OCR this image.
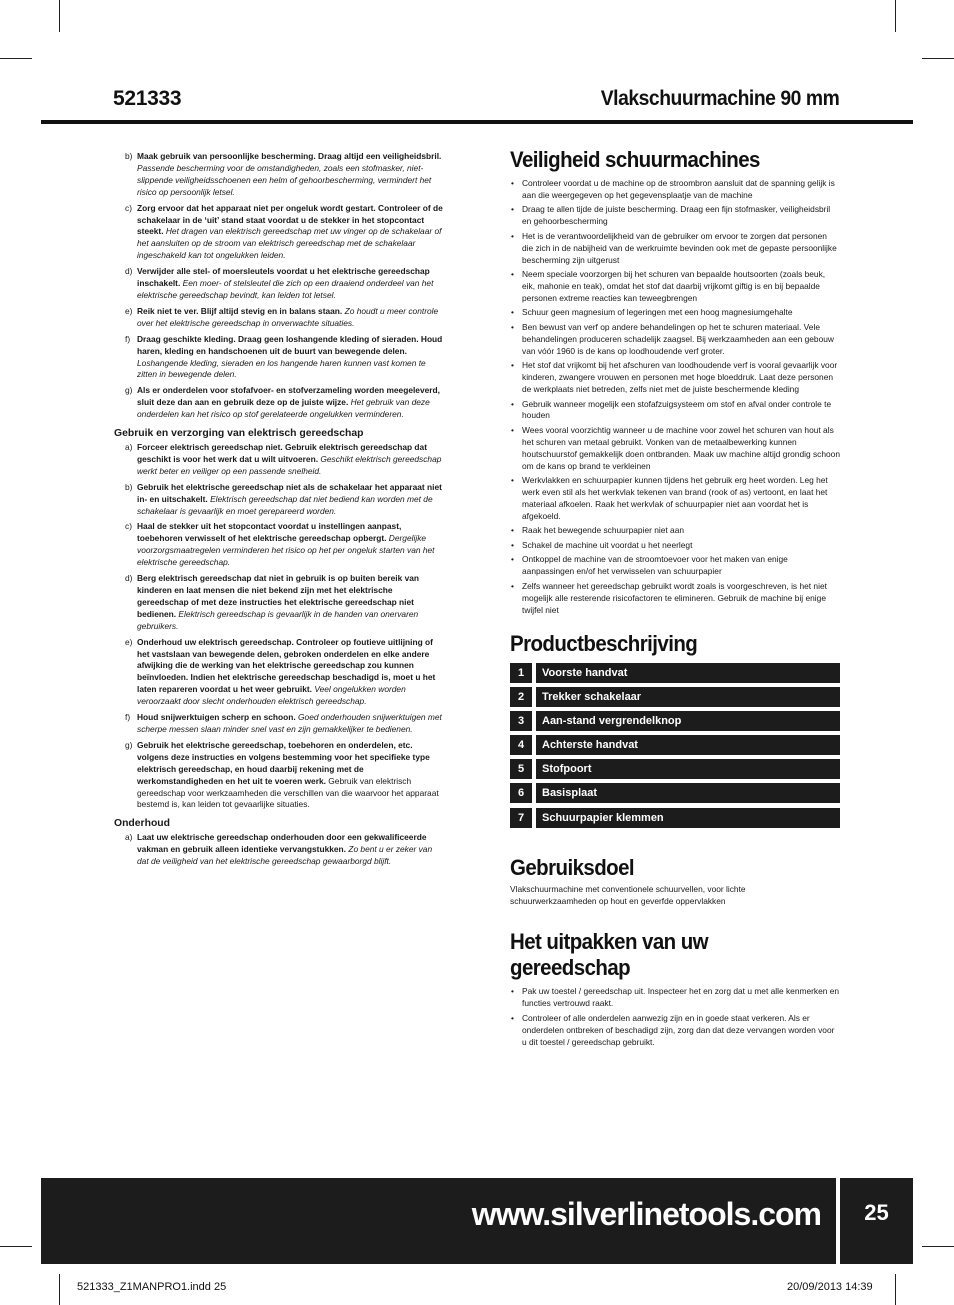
521333	Vlakschuurmachine 90 mm
b) Maak gebruik van persoonlijke bescherming. Draag altijd een veiligheidsbril. Passende bescherming voor de omstandigheden, zoals een stofmasker, niet-slippende veiligheidsschoenen een helm of gehoorbescherming, vermindert het risico op persoonlijk letsel.
c) Zorg ervoor dat het apparaat niet per ongeluk wordt gestart. Controleer of de schakelaar in de ‘uit’ stand staat voordat u de stekker in het stopcontact steekt. Het dragen van elektrisch gereedschap met uw vinger op de schakelaar of het aansluiten op de stroom van elektrisch gereedschap met de schakelaar ingeschakeld kan tot ongelukken leiden.
d) Verwijder alle stel- of moersleutels voordat u het elektrische gereedschap inschakelt. Een moer- of stelsleutel die zich op een draaiend onderdeel van het elektrische gereedschap bevindt, kan leiden tot letsel.
e) Reik niet te ver. Blijf altijd stevig en in balans staan. Zo houdt u meer controle over het elektrische gereedschap in onverwachte situaties.
f) Draag geschikte kleding. Draag geen loshangende kleding of sieraden. Houd haren, kleding en handschoenen uit de buurt van bewegende delen. Loshangende kleding, sieraden en los hangende haren kunnen vast komen te zitten in bewegende delen.
g) Als er onderdelen voor stofafvoer- en stofverzameling worden meegeleverd, sluit deze dan aan en gebruik deze op de juiste wijze. Het gebruik van deze onderdelen kan het risico op stof gerelateerde ongelukken verminderen.
Gebruik en verzorging van elektrisch gereedschap
a) Forceer elektrisch gereedschap niet. Gebruik elektrisch gereedschap dat geschikt is voor het werk dat u wilt uitvoeren. Geschikt elektrisch gereedschap werkt beter en veiliger op een passende snelheid.
b) Gebruik het elektrische gereedschap niet als de schakelaar het apparaat niet in- en uitschakelt. Elektrisch gereedschap dat niet bediend kan worden met de schakelaar is gevaarlijk en moet gerepareerd worden.
c) Haal de stekker uit het stopcontact voordat u instellingen aanpast, toebehoren verwisselt of het elektrische gereedschap opbergt. Dergelijke voorzorgsmaatregelen verminderen het risico op het per ongeluk starten van het elektrische gereedschap.
d) Berg elektrisch gereedschap dat niet in gebruik is op buiten bereik van kinderen en laat mensen die niet bekend zijn met het elektrische gereedschap of met deze instructies het elektrische gereedschap niet bedienen. Elektrisch gereedschap is gevaarlijk in de handen van onervaren gebruikers.
e) Onderhoud uw elektrisch gereedschap. Controleer op foutieve uitlijning of het vastslaan van bewegende delen, gebroken onderdelen en elke andere afwijking die de werking van het elektrische gereedschap zou kunnen beïnvloeden. Indien het elektrische gereedschap beschadigd is, moet u het laten repareren voordat u het weer gebruikt. Veel ongelukken worden veroorzaakt door slecht onderhouden elektrisch gereedschap.
f) Houd snijwerktuigen scherp en schoon. Goed onderhouden snijwerktuigen met scherpe messen slaan minder snel vast en zijn gemakkelijker te bedienen.
g) Gebruik het elektrische gereedschap, toebehoren en onderdelen, etc. volgens deze instructies en volgens bestemming voor het specifieke type elektrisch gereedschap, en houd daarbij rekening met de werkomstandigheden en het uit te voeren werk. Gebruik van elektrisch gereedschap voor werkzaamheden die verschillen van die waarvoor het apparaat bestemd is, kan leiden tot gevaarlijke situaties.
Onderhoud
a) Laat uw elektrische gereedschap onderhouden door een gekwalificeerde vakman en gebruik alleen identieke vervangstukken. Zo bent u er zeker van dat de veiligheid van het elektrische gereedschap gewaarborgd blijft.
Veiligheid schuurmachines
• Controleer voordat u de machine op de stroombron aansluit dat de spanning gelijk is aan die weergegeven op het gegevensplaatje van de machine
• Draag te allen tijde de juiste bescherming. Draag een fijn stofmasker, veiligheidsbril en gehoorbescherming
• Het is de verantwoordelijkheid van de gebruiker om ervoor te zorgen dat personen die zich in de nabijheid van de werkruimte bevinden ook met de gepaste persoonlijke bescherming zijn uitgerust
• Neem speciale voorzorgen bij het schuren van bepaalde houtsoorten (zoals beuk, eik, mahonie en teak), omdat het stof dat daarbij vrijkomt giftig is en bij bepaalde personen extreme reacties kan teweegbrengen
• Schuur geen magnesium of legeringen met een hoog magnesiumgehalte
• Ben bewust van verf op andere behandelingen op het te schuren materiaal. Vele behandelingen produceren schadelijk zaagsel. Bij werkzaamheden aan een gebouw van vóór 1960 is de kans op loodhoudende verf groter.
• Het stof dat vrijkomt bij het afschuren van loodhoudende verf is vooral gevaarlijk voor kinderen, zwangere vrouwen en personen met hoge bloeddruk. Laat deze personen de werkplaats niet betreden, zelfs niet met de juiste beschermende kleding
• Gebruik wanneer mogelijk een stofafzuigsysteem om stof en afval onder controle te houden
• Wees vooral voorzichtig wanneer u de machine voor zowel het schuren van hout als het schuren van metaal gebruikt. Vonken van de metaalbewerking kunnen houtschuurstof gemakkelijk doen ontbranden. Maak uw machine altijd grondig schoon om de kans op brand te verkleinen
• Werkvlakken en schuurpapier kunnen tijdens het gebruik erg heet worden. Leg het werk even stil als het werkvlak tekenen van brand (rook of as) vertoont, en laat het materiaal afkoelen. Raak het werkvlak of schuurpapier niet aan voordat het is afgekoeld.
• Raak het bewegende schuurpapier niet aan
• Schakel de machine uit voordat u het neerlegt
• Ontkoppel de machine van de stroomtoevoer voor het maken van enige aanpassingen en/of het verwisselen van schuurpapier
• Zelfs wanneer het gereedschap gebruikt wordt zoals is voorgeschreven, is het niet mogelijk alle resterende risicofactoren te elimineren. Gebruik de machine bij enige twijfel niet
Productbeschrijving
1	Voorste handvat
2	Trekker schakelaar
3	Aan-stand vergrendelknop
4	Achterste handvat
5	Stofpoort
6	Basisplaat
7	Schuurpapier klemmen
Gebruiksdoel
Vlakschuurmachine met conventionele schuurvellen, voor lichte schuurwerkzaamheden op hout en geverfde oppervlakken
Het uitpakken van uw
gereedschap
• Pak uw toestel / gereedschap uit. Inspecteer het en zorg dat u met alle kenmerken en functies vertrouwd raakt.
• Controleer of alle onderdelen aanwezig zijn en in goede staat verkeren. Als er onderdelen ontbreken of beschadigd zijn, zorg dan dat deze vervangen worden voor u dit toestel / gereedschap gebruikt.
www.silverlinetools.com 25
521333_Z1MANPRO1.indd 25	20/09/2013 14:39
